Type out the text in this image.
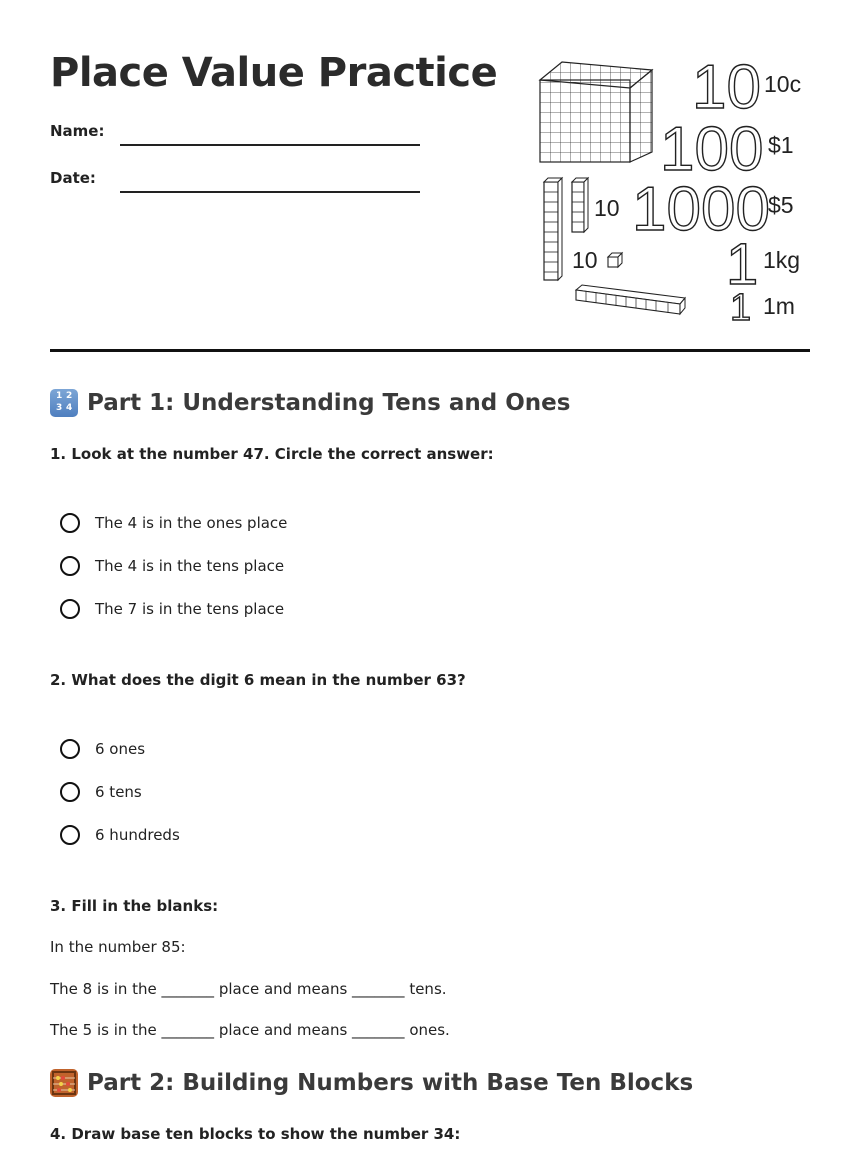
Place Value Practice
Name:
Date:
10
100
1000
1
1
10c
$1
$5
1kg
1m
10
10
1 2
3 4 Part 1: Understanding Tens and Ones

1. Look at the number 47. Circle the correct answer:

The 4 is in the ones place
The 4 is in the tens place
The 7 is in the tens place

2. What does the digit 6 mean in the number 63?

6 ones
6 tens
6 hundreds

3. Fill in the blanks:

In the number 85:

The 8 is in the _______ place and means _______ tens.

The 5 is in the _______ place and means _______ ones.

Part 2: Building Numbers with Base Ten Blocks

4. Draw base ten blocks to show the number 34:
